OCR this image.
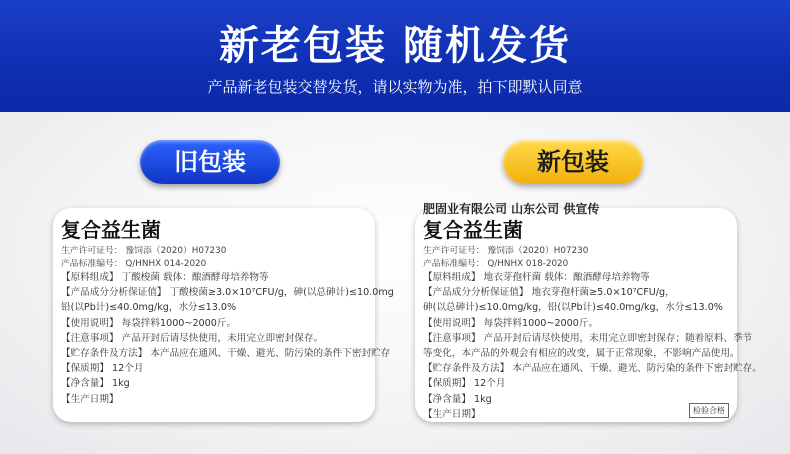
新老包装 随机发货
产品新老包装交替发货，请以实物为准，拍下即默认同意
旧包装	新包装
复合益生菌
生产许可证号： 豫饲添（2020）H07230
产品标准编号： Q/HNHX 014-2020
【原料组成】 丁酸梭菌 载体：酿酒酵母培养物等
【产品成分分析保证值】 丁酸梭菌≥3.0×10⁷CFU/g，砷(以总砷计)≤10.0mg
铅(以Pb计)≤40.0mg/kg，水分≤13.0%
【使用说明】 每袋拌料1000~2000斤。
【注意事项】 产品开封后请尽快使用，未用完立即密封保存。
【贮存条件及方法】 本产品应在通风、干燥、避光、防污染的条件下密封贮存
【保质期】 12个月
【净含量】 1kg
【生产日期】
肥固业有限公司 山东公司 供宣传
复合益生菌
生产许可证号： 豫饲添（2020）H07230
产品标准编号： Q/HNHX 018-2020
【原料组成】 地衣芽孢杆菌 载体：酿酒酵母培养物等
【产品成分分析保证值】 地衣芽孢杆菌≥5.0×10⁷CFU/g，
砷(以总砷计)≤10.0mg/kg，铅(以Pb计)≤40.0mg/kg，水分≤13.0%
【使用说明】 每袋拌料1000~2000斤。
【注意事项】 产品开封后请尽快使用，未用完立即密封保存；随着原料、季节
等变化，本产品的外观会有相应的改变，属于正常现象，不影响产品使用。
【贮存条件及方法】 本产品应在通风、干燥、避光、防污染的条件下密封贮存。
【保质期】 12个月
【净含量】 1kg
【生产日期】	检验合格
